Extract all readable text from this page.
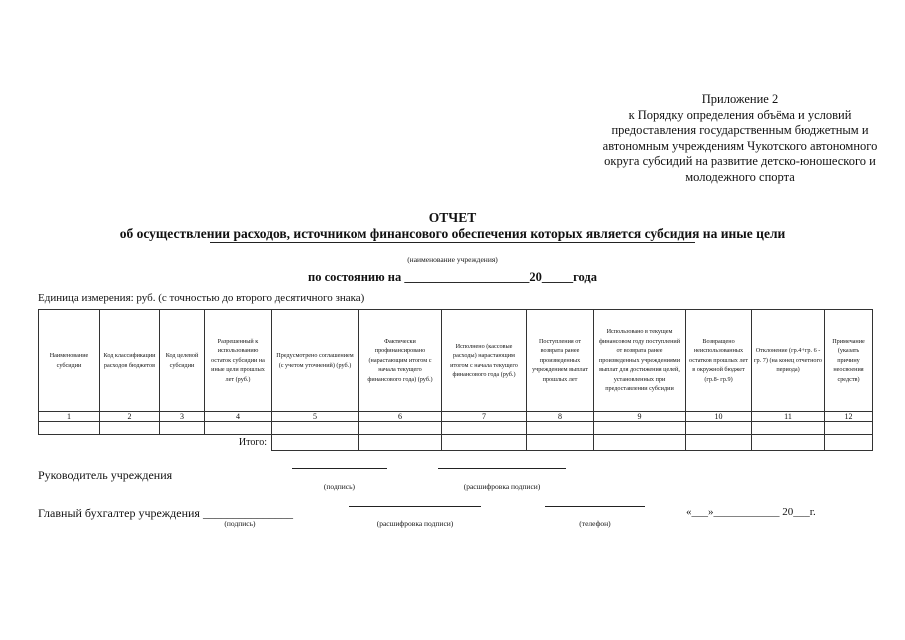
Приложение 2
к Порядку определения объёма и условий
предоставления государственным бюджетным и
автономным учреждениям Чукотского автономного
округа субсидий на развитие детско-юношеского и
молодежного спорта
ОТЧЕТ
об осуществлении расходов, источником финансового обеспечения которых является субсидия на иные цели
(наименование учреждения)
по состоянию на ____________________20_____года
Единица измерения: руб. (с точностью до второго десятичного знака)
Наименование субсидии	Код классификации расходов бюджетов	Код целевой субсидии	Разрешенный к использованию остаток субсидии на иные цели прошлых лет (руб.)	Предусмотрено соглашением (с учетом уточнений) (руб.)	Фактически профинансировано (нарастающим итогом с начала текущего финансового года) (руб.)	Исполнено (кассовые расходы) нарастающим итогом с начала текущего финансового года (руб.)	Поступления от возврата ранее произведенных учреждением выплат прошлых лет	Использовано в текущем финансовом году поступлений от возврата ранее произведенных учреждениями выплат для достижения целей, установленных при предоставлении субсидии	Возвращено неиспользованных остатков прошлых лет в окружной бюджет (гр.8- гр.9)	Отклонение (гр.4+гр. 6 - гр. 7) (на конец отчетного периода)	Примечание (указать причину неосвоения средств)
1	2	3	4	5	6	7	8	9	10	11	12

		Итого:									
Руководитель учреждения
(подпись)	(расшифровка подписи)
Главный бухгалтер учреждения _______________
(подпись)	(расшифровка подписи)	(телефон)
«___»____________ 20___г.
